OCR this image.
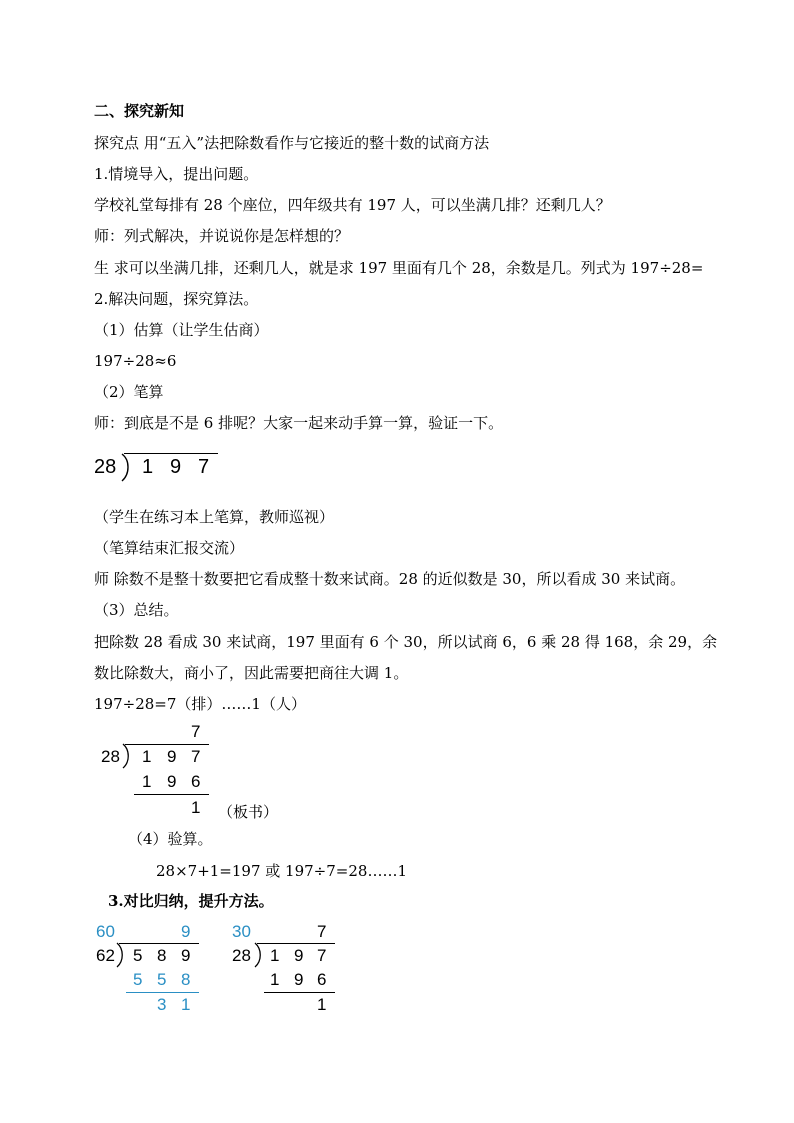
二、探究新知
探究点 用“五入”法把除数看作与它接近的整十数的试商方法
1.情境导入，提出问题。
学校礼堂每排有 28 个座位，四年级共有 197 人，可以坐满几排？还剩几人？
师：列式解决，并说说你是怎样想的？
生 求可以坐满几排，还剩几人，就是求 197 里面有几个 28，余数是几。列式为 197÷28=
2.解决问题，探究算法。
（1）估算（让学生估商）
197÷28≈6
（2）笔算
师：到底是不是 6 排呢？大家一起来动手算一算，验证一下。
28 1 9 7
（学生在练习本上笔算，教师巡视）
（笔算结束汇报交流）
师 除数不是整十数要把它看成整十数来试商。28 的近似数是 30，所以看成 30 来试商。
（3）总结。
把除数 28 看成 30 来试商，197 里面有 6 个 30，所以试商 6，6 乘 28 得 168，余 29，余
数比除数大，商小了，因此需要把商往大调 1。
197÷28=7（排）……1（人）
7
28 1 9 7
1 9 6
1 （板书）
（4）验算。
28×7+1=197 或 197÷7=28……1
3.对比归纳，提升方法。
60	9
62 5 8 9
5 5 8
3 1
30	7
28 1 9 7
1 9 6
1
